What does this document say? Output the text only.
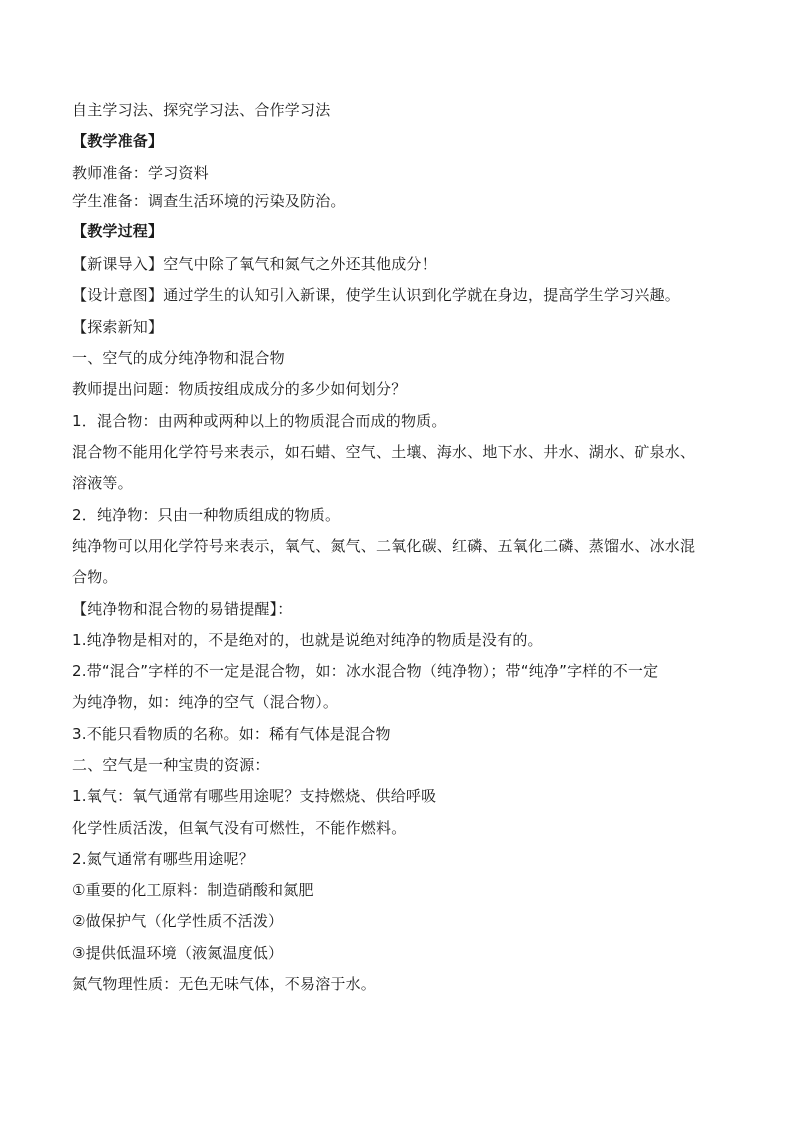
自主学习法、探究学习法、合作学习法
【教学准备】
教师准备：学习资料
学生准备：调查生活环境的污染及防治。
【教学过程】
【新课导入】空气中除了氧气和氮气之外还其他成分！
【设计意图】通过学生的认知引入新课，使学生认识到化学就在身边，提高学生学习兴趣。
【探索新知】
一、空气的成分纯净物和混合物
教师提出问题：物质按组成成分的多少如何划分？
1．混合物：由两种或两种以上的物质混合而成的物质。
混合物不能用化学符号来表示，如石蜡、空气、土壤、海水、地下水、井水、湖水、矿泉水、
溶液等。
2．纯净物：只由一种物质组成的物质。
纯净物可以用化学符号来表示，氧气、氮气、二氧化碳、红磷、五氧化二磷、蒸馏水、冰水混
合物。
【纯净物和混合物的易错提醒】：
1.纯净物是相对的，不是绝对的，也就是说绝对纯净的物质是没有的。
2.带“混合”字样的不一定是混合物，如：冰水混合物（纯净物）；带“纯净”字样的不一定
为纯净物，如：纯净的空气（混合物）。
3.不能只看物质的名称。如：稀有气体是混合物
二、空气是一种宝贵的资源：
1.氧气：氧气通常有哪些用途呢？支持燃烧、供给呼吸
化学性质活泼，但氧气没有可燃性，不能作燃料。
2.氮气通常有哪些用途呢？
①重要的化工原料：制造硝酸和氮肥
②做保护气（化学性质不活泼）
③提供低温环境（液氮温度低）
氮气物理性质：无色无味气体，不易溶于水。
